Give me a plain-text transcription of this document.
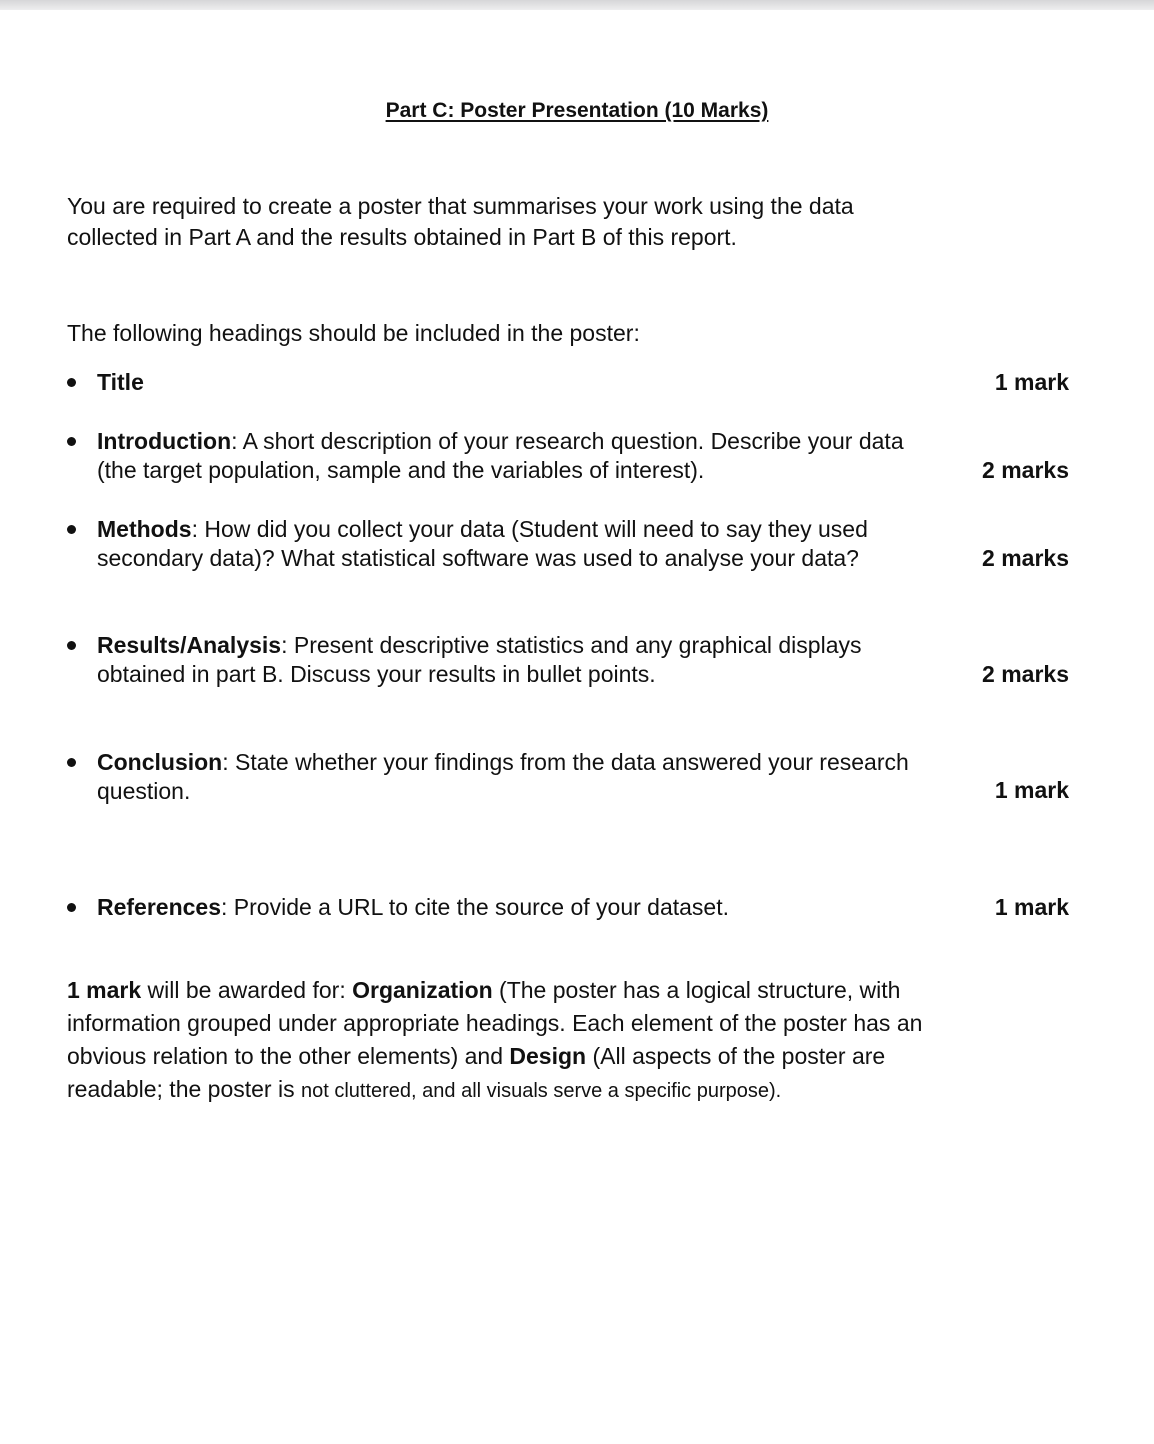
Part C: Poster Presentation (10 Marks)

You are required to create a poster that summarises your work using the data
collected in Part A and the results obtained in Part B of this report.

The following headings should be included in the poster:

Title	1 mark

Introduction: A short description of your research question. Describe your data
(the target population, sample and the variables of interest).	2 marks

Methods: How did you collect your data (Student will need to say they used
secondary data)? What statistical software was used to analyse your data?	2 marks

Results/Analysis: Present descriptive statistics and any graphical displays
obtained in part B. Discuss your results in bullet points.	2 marks

Conclusion: State whether your findings from the data answered your research
question.	1 mark

References: Provide a URL to cite the source of your dataset.	1 mark

1 mark will be awarded for: Organization (The poster has a logical structure, with
information grouped under appropriate headings. Each element of the poster has an
obvious relation to the other elements) and Design (All aspects of the poster are
readable; the poster is not cluttered, and all visuals serve a specific purpose).
